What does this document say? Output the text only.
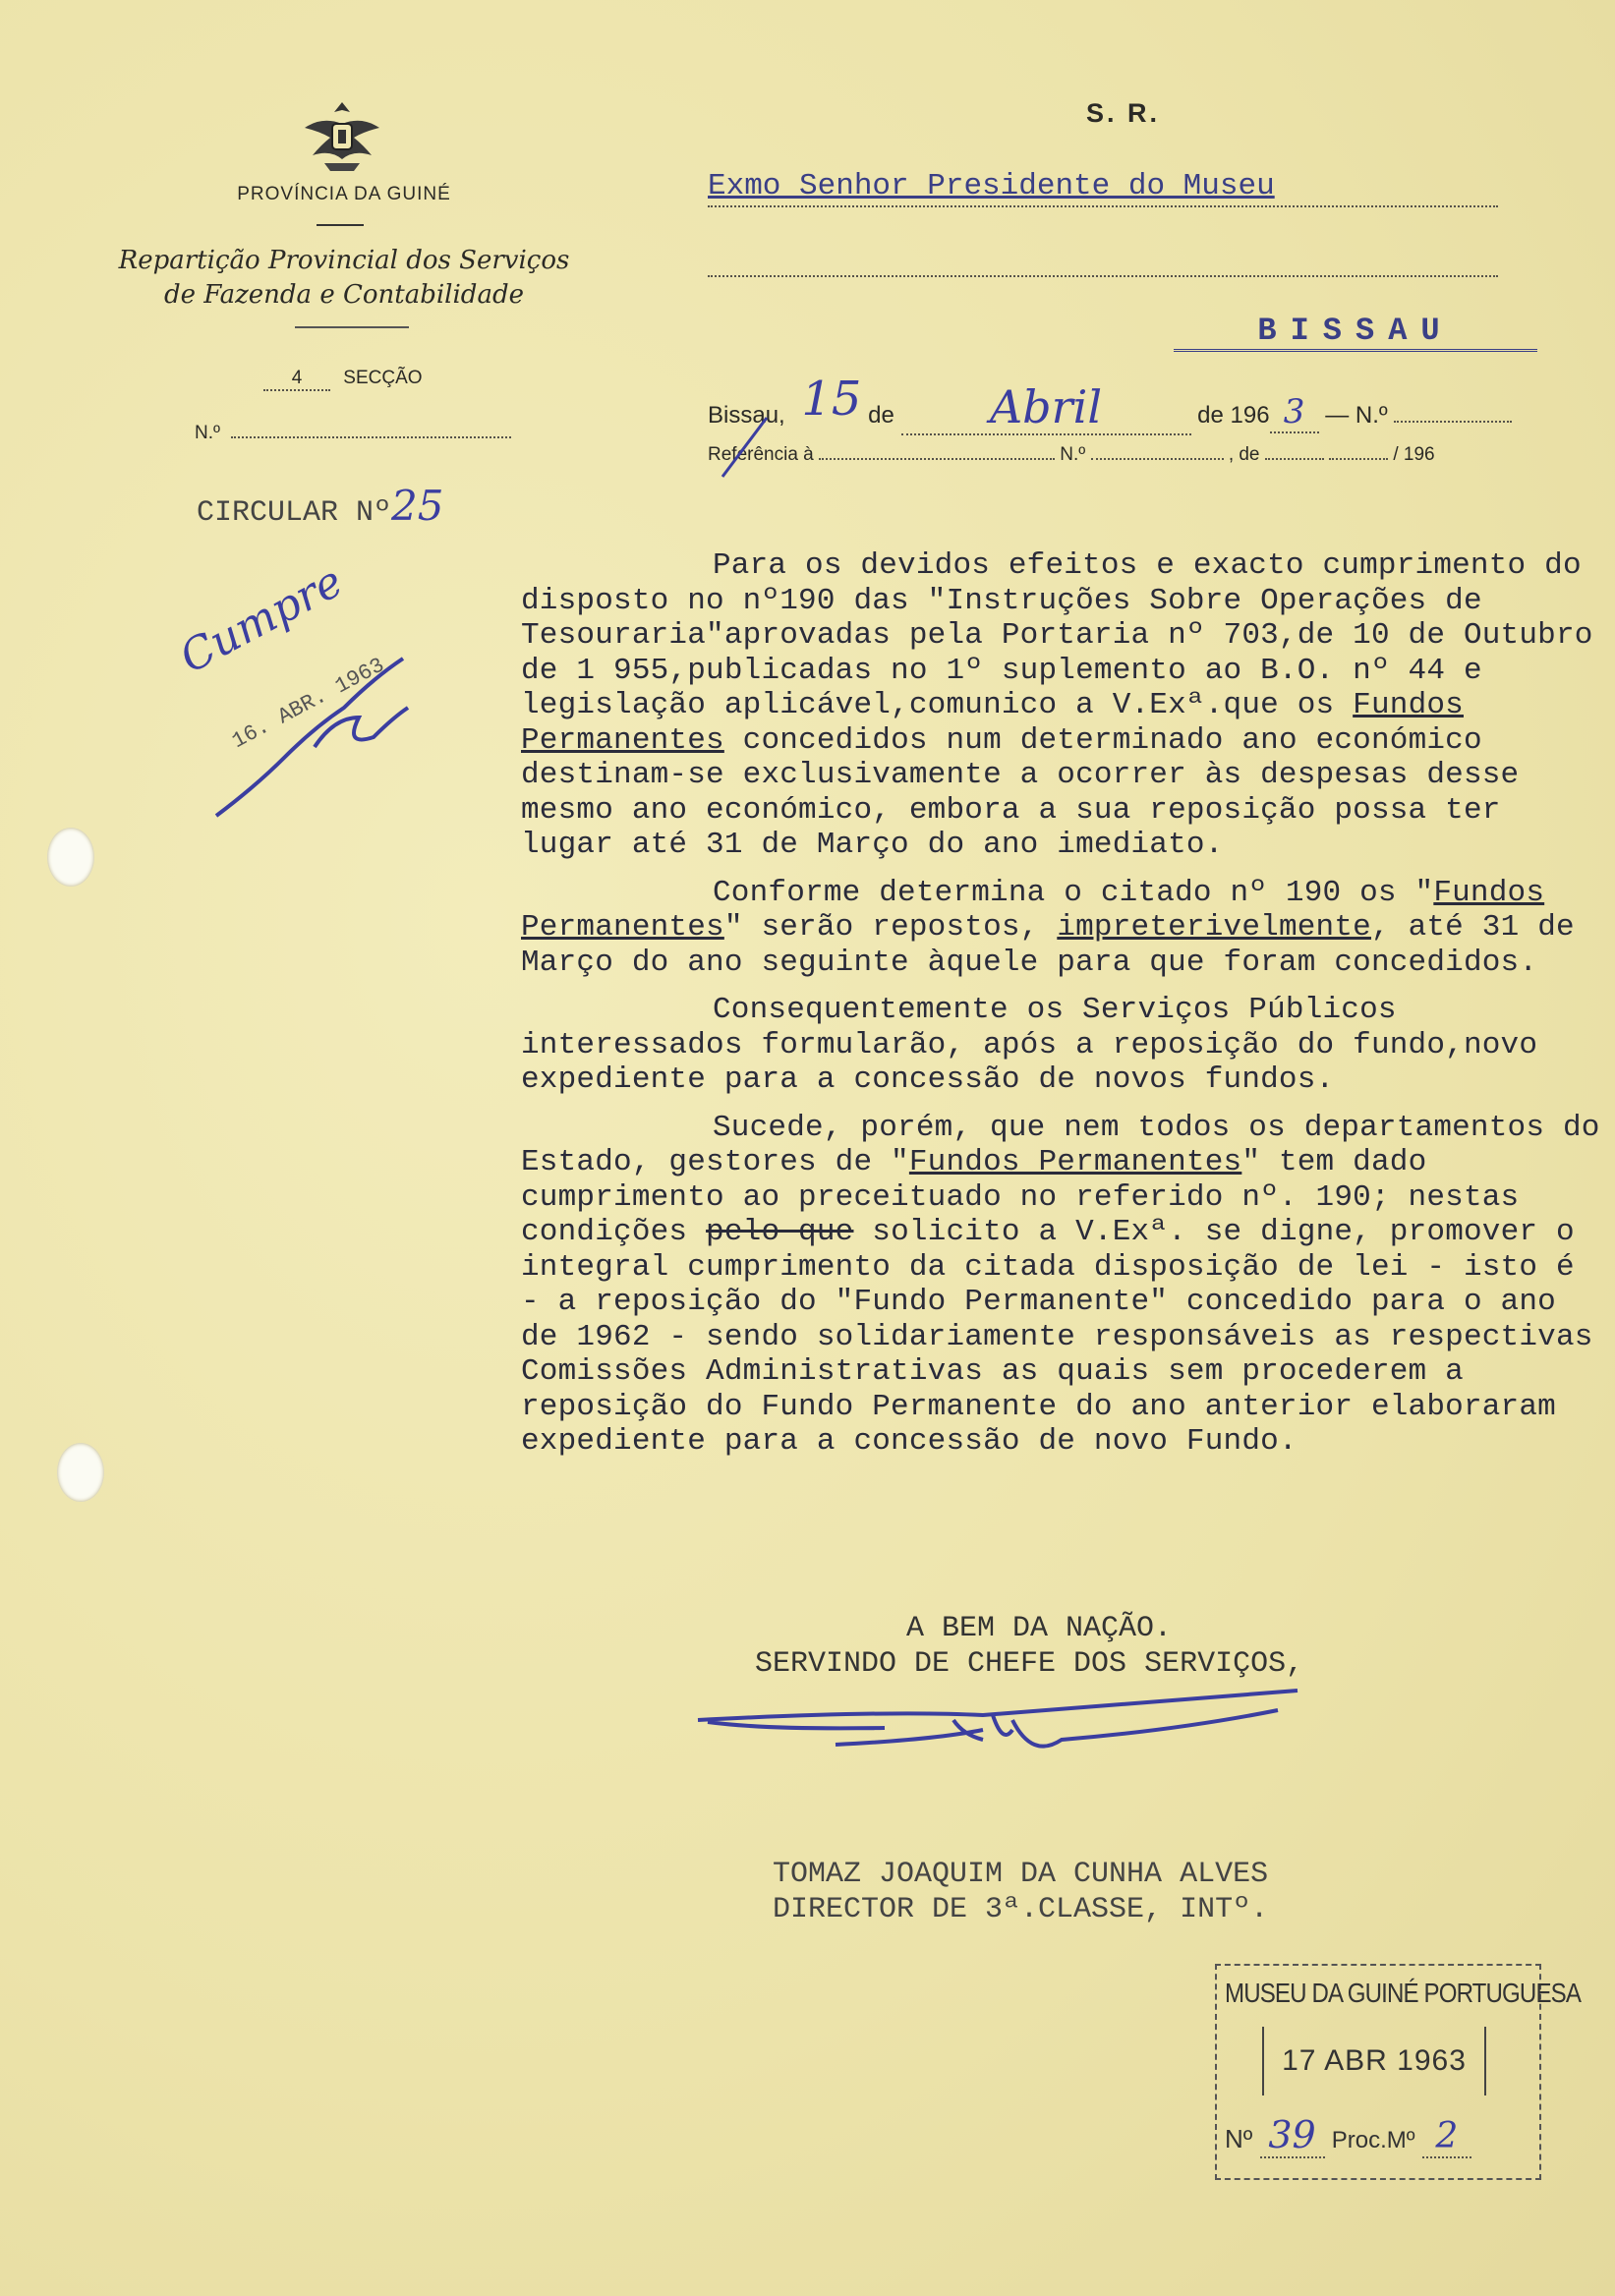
PROVÍNCIA DA GUINÉ
Repartição Provincial dos Serviços
de Fazenda e Contabilidade
4 SECÇÃO
N.º
CIRCULAR Nº25
Cumpre
16. ABR. 1963
S. R.
Exmo Senhor Presidente do Museu
BISSAU
Bissau, 15 de Abril	de 196 3 — N.º
Referência à	N.º	, de	/ 196

Para os devidos efeitos e exacto cumprimento do disposto no nº190 das "Instruções Sobre Operações de Tesouraria"aprovadas pela Portaria nº 703,de 10 de Outubro de 1 955,publicadas no 1º suplemento ao B.O. nº 44 e legislação aplicável,comunico a V.Exª.que os Fundos Permanentes concedidos num determinado ano económico destinam-se exclusivamente a ocorrer às despesas desse mesmo ano económico, embora a sua reposição possa ter lugar até 31 de Março do ano imediato.

Conforme determina o citado nº 190 os "Fundos Permanentes" serão repostos, impreterivelmente, até 31 de Março do ano seguinte àquele para que foram concedidos.

Consequentemente os Serviços Públicos interessados formularão, após a reposição do fundo,novo expediente para a concessão de novos fundos.

Sucede, porém, que nem todos os departamentos do Estado, gestores de "Fundos Permanentes" tem dado cumprimento ao preceituado no referido nº. 190; nestas condições pelo que solicito a V.Exª. se digne, promover o integral cumprimento da citada disposição de lei - isto é - a reposição do "Fundo Permanente" concedido para o ano de 1962 - sendo solidariamente responsáveis as respectivas Comissões Administrativas as quais sem procederem a reposição do Fundo Permanente do ano anterior elaboraram expediente para a concessão de novo Fundo.

A BEM DA NAÇÃO.
SERVINDO DE CHEFE DOS SERVIÇOS,
TOMAZ JOAQUIM DA CUNHA ALVES
DIRECTOR DE 3ª.CLASSE, INTº.
MUSEU DA GUINÉ PORTUGUESA
17 ABR 1963
Nº 39 Proc.Mº 2
